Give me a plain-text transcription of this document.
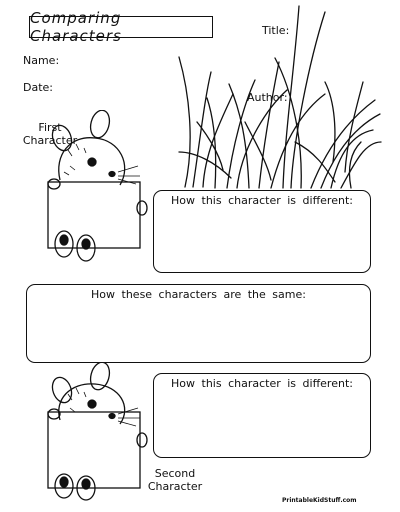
Comparing Characters	Title:
Name:
Date:
Author:
First
Character
How this character is different:
How these characters are the same:
How this character is different:
Second
Character
PrintableKidStuff.com
